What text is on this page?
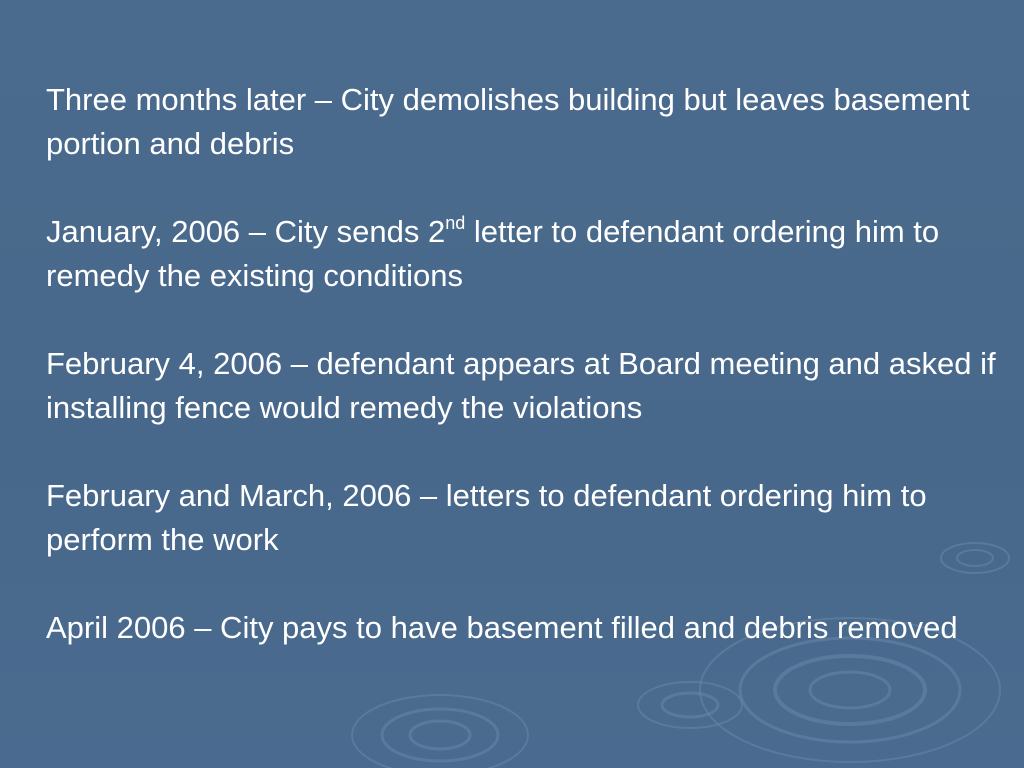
Three months later – City demolishes building but leaves basement portion and debris

January, 2006 – City sends 2nd letter to defendant ordering him to remedy the existing conditions

February 4, 2006 – defendant appears at Board meeting and asked if installing fence would remedy the violations

February and March, 2006 – letters to defendant ordering him to perform the work

April 2006 – City pays to have basement filled and debris removed
